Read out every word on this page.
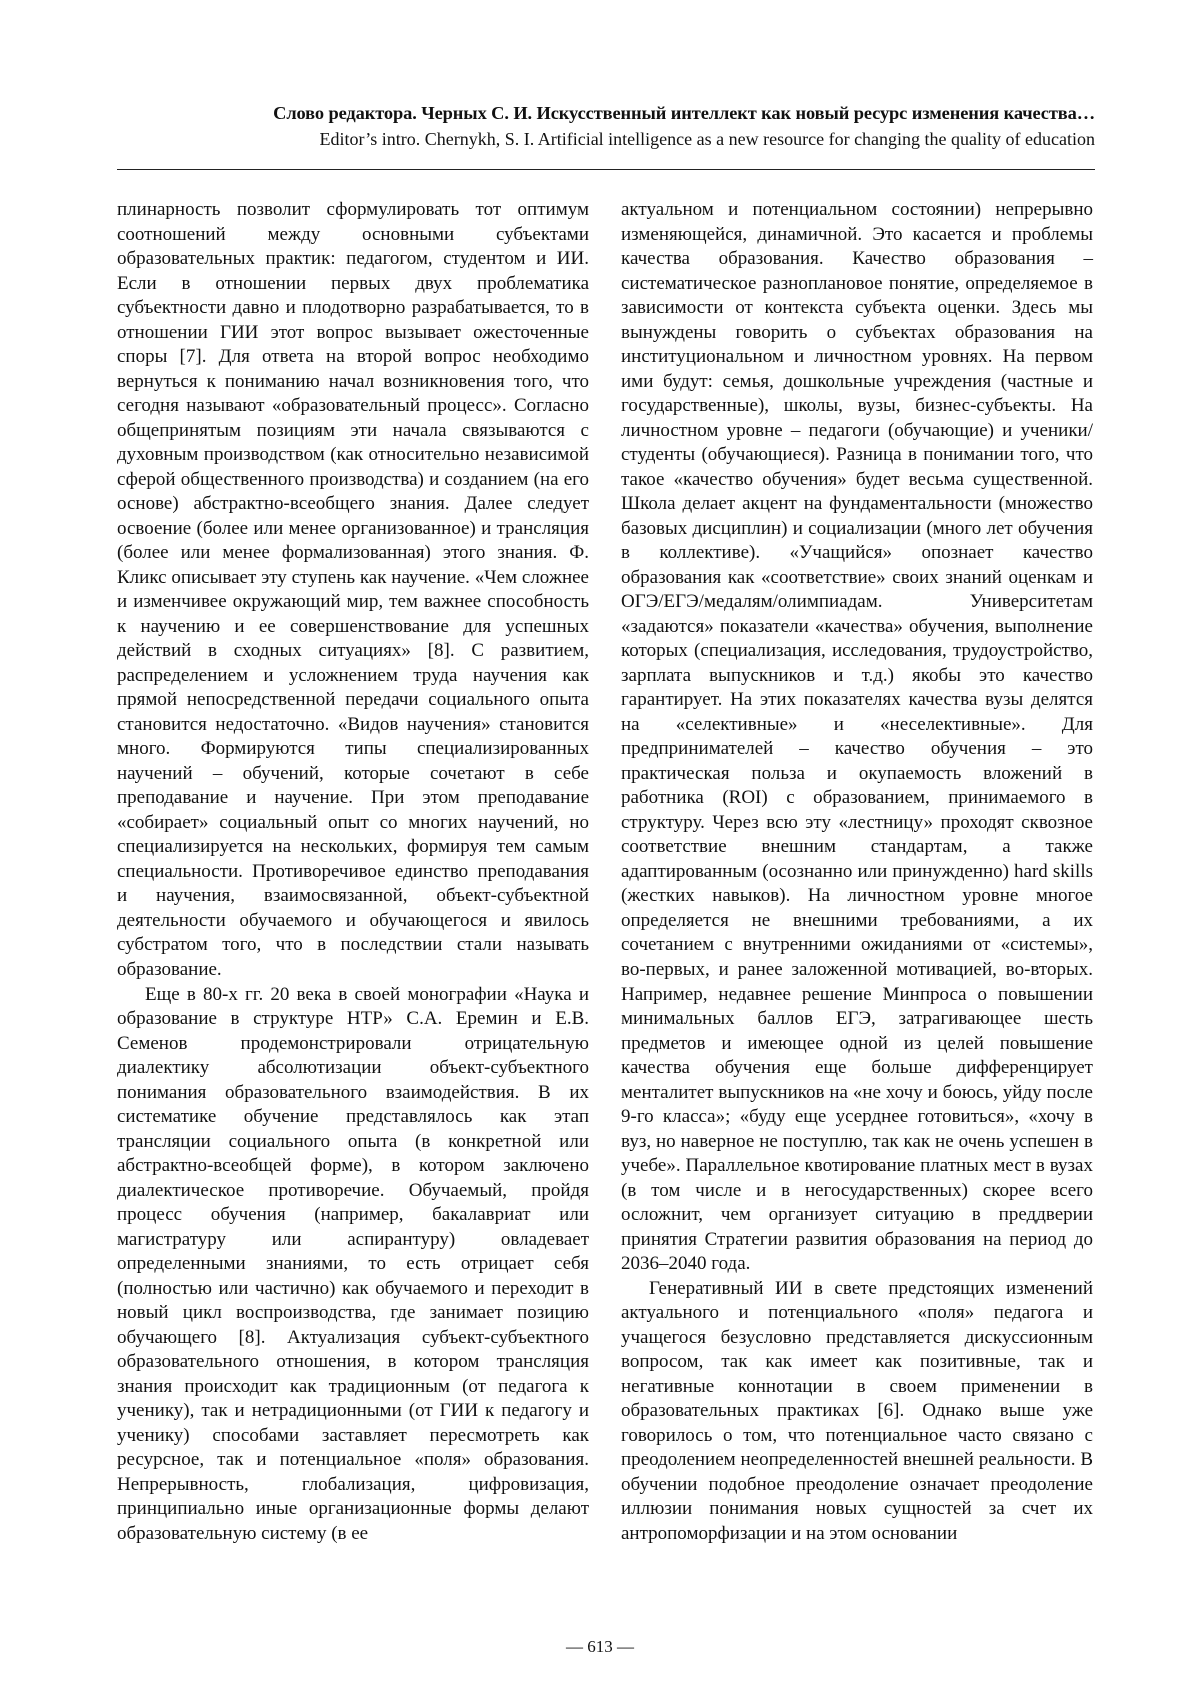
Слово редактора. Черных С. И. Искусственный интеллект как новый ресурс изменения качества…
Editor’s intro. Chernykh, S. I. Artificial intelligence as a new resource for changing the quality of education

плинарность позволит сформулировать тот оптимум соотношений между основными субъектами образовательных практик: педагогом, студентом и ИИ. Если в отношении первых двух проблематика субъектности давно и плодотворно разрабатывается, то в отношении ГИИ этот вопрос вызывает ожесточенные споры [7]. Для ответа на второй вопрос необходимо вернуться к пониманию начал возникновения того, что сегодня называют «образовательный процесс». Согласно общепринятым позициям эти начала связываются с духовным производством (как относительно независимой сферой общественного производства) и созданием (на его основе) абстрактно-всеобщего знания. Далее следует освоение (более или менее организованное) и трансляция (более или менее формализованная) этого знания. Ф. Кликс описывает эту ступень как научение. «Чем сложнее и изменчивее окружающий мир, тем важнее способность к научению и ее совершенствование для успешных действий в сходных ситуациях» [8]. С развитием, распределением и усложнением труда научения как прямой непосредственной передачи социального опыта становится недостаточно. «Видов научения» становится много. Формируются типы специализированных научений – обучений, которые сочетают в себе преподавание и научение. При этом преподавание «собирает» социальный опыт со многих научений, но специализируется на нескольких, формируя тем самым специальности. Противоречивое единство преподавания и научения, взаимосвязанной, объект-субъектной деятельности обучаемого и обучающегося и явилось субстратом того, что в последствии стали называть образование.

Еще в 80-х гг. 20 века в своей монографии «Наука и образование в структуре НТР» С.А. Еремин и Е.В. Семенов продемонстрировали отрицательную диалектику абсолютизации объект-субъектного понимания образовательного взаимодействия. В их систематике обучение представлялось как этап трансляции социального опыта (в конкретной или абстрактно-всеобщей форме), в котором заключено диалектическое противоречие. Обучаемый, пройдя процесс обучения (например, бакалавриат или магистратуру или аспирантуру) овладевает определенными знаниями, то есть отрицает себя (полностью или частично) как обучаемого и переходит в новый цикл воспроизводства, где занимает позицию обучающего [8]. Актуализация субъект-субъектного образовательного отношения, в котором трансляция знания происходит как традиционным (от педагога к ученику), так и нетрадиционными (от ГИИ к педагогу и ученику) способами заставляет пересмотреть как ресурсное, так и потенциальное «поля» образования. Непрерывность, глобализация, цифровизация, принципиально иные организационные формы делают образовательную систему (в ее

актуальном и потенциальном состоянии) непрерывно изменяющейся, динамичной. Это касается и проблемы качества образования. Качество образования – систематическое разноплановое понятие, определяемое в зависимости от контекста субъекта оценки. Здесь мы вынуждены говорить о субъектах образования на институциональном и личностном уровнях. На первом ими будут: семья, дошкольные учреждения (частные и государственные), школы, вузы, бизнес-субъекты. На личностном уровне – педагоги (обучающие) и ученики/студенты (обучающиеся). Разница в понимании того, что такое «качество обучения» будет весьма существенной. Школа делает акцент на фундаментальности (множество базовых дисциплин) и социализации (много лет обучения в коллективе). «Учащийся» опознает качество образования как «соответствие» своих знаний оценкам и ОГЭ/ЕГЭ/медалям/олимпиадам. Университетам «задаются» показатели «качества» обучения, выполнение которых (специализация, исследования, трудоустройство, зарплата выпускников и т.д.) якобы это качество гарантирует. На этих показателях качества вузы делятся на «селективные» и «неселективные». Для предпринимателей – качество обучения – это практическая польза и окупаемость вложений в работника (ROI) с образованием, принимаемого в структуру. Через всю эту «лестницу» проходят сквозное соответствие внешним стандартам, а также адаптированным (осознанно или принужденно) hard skills (жестких навыков). На личностном уровне многое определяется не внешними требованиями, а их сочетанием с внутренними ожиданиями от «системы», во-первых, и ранее заложенной мотивацией, во-вторых. Например, недавнее решение Минпроса о повышении минимальных баллов ЕГЭ, затрагивающее шесть предметов и имеющее одной из целей повышение качества обучения еще больше дифференцирует менталитет выпускников на «не хочу и боюсь, уйду после 9-го класса»; «буду еще усерднее готовиться», «хочу в вуз, но наверное не поступлю, так как не очень успешен в учебе». Параллельное квотирование платных мест в вузах (в том числе и в негосударственных) скорее всего осложнит, чем организует ситуацию в преддверии принятия Стратегии развития образования на период до 2036–2040 года.

Генеративный ИИ в свете предстоящих изменений актуального и потенциального «поля» педагога и учащегося безусловно представляется дискуссионным вопросом, так как имеет как позитивные, так и негативные коннотации в своем применении в образовательных практиках [6]. Однако выше уже говорилось о том, что потенциальное часто связано с преодолением неопределенностей внешней реальности. В обучении подобное преодоление означает преодоление иллюзии понимания новых сущностей за счет их антропоморфизации и на этом основании

— 613 —
